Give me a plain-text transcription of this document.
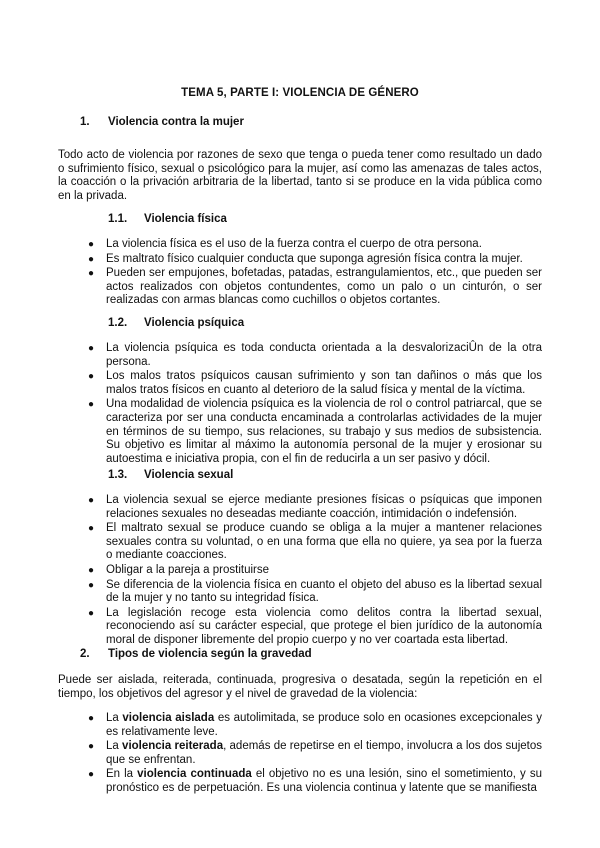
TEMA 5, PARTE I: VIOLENCIA DE GÉNERO
1. Violencia contra la mujer
Todo acto de violencia por razones de sexo que tenga o pueda tener como resultado un dado o sufrimiento físico, sexual o psicológico para la mujer, así como las amenazas de tales actos, la coacción o la privación arbitraria de la libertad, tanto si se produce en la vida pública como en la privada.
1.1. Violencia física
● La violencia física es el uso de la fuerza contra el cuerpo de otra persona.
● Es maltrato físico cualquier conducta que suponga agresión física contra la mujer.
● Pueden ser empujones, bofetadas, patadas, estrangulamientos, etc., que pueden ser actos realizados con objetos contundentes, como un palo o un cinturón, o ser realizadas con armas blancas como cuchillos o objetos cortantes.
1.2. Violencia psíquica
● La violencia psíquica es toda conducta orientada a la desvalorizaciÛn de la otra persona.
● Los malos tratos psíquicos causan sufrimiento y son tan dañinos o más que los malos tratos físicos en cuanto al deterioro de la salud física y mental de la víctima.
● Una modalidad de violencia psíquica es la violencia de rol o control patriarcal, que se caracteriza por ser una conducta encaminada a controlarlas actividades de la mujer en términos de su tiempo, sus relaciones, su trabajo y sus medios de subsistencia. Su objetivo es limitar al máximo la autonomía personal de la mujer y erosionar su autoestima e iniciativa propia, con el fin de reducirla a un ser pasivo y dócil.
1.3. Violencia sexual
● La violencia sexual se ejerce mediante presiones físicas o psíquicas que imponen relaciones sexuales no deseadas mediante coacción, intimidación o indefensión.
● El maltrato sexual se produce cuando se obliga a la mujer a mantener relaciones sexuales contra su voluntad, o en una forma que ella no quiere, ya sea por la fuerza o mediante coacciones.
● Obligar a la pareja a prostituirse
● Se diferencia de la violencia física en cuanto el objeto del abuso es la libertad sexual de la mujer y no tanto su integridad física.
● La legislación recoge esta violencia como delitos contra la libertad sexual, reconociendo así su carácter especial, que protege el bien jurídico de la autonomía moral de disponer libremente del propio cuerpo y no ver coartada esta libertad.
2. Tipos de violencia según la gravedad
Puede ser aislada, reiterada, continuada, progresiva o desatada, según la repetición en el tiempo, los objetivos del agresor y el nivel de gravedad de la violencia:
● La violencia aislada es autolimitada, se produce solo en ocasiones excepcionales y es relativamente leve.
● La violencia reiterada, además de repetirse en el tiempo, involucra a los dos sujetos que se enfrentan.
● En la violencia continuada el objetivo no es una lesión, sino el sometimiento, y su pronóstico es de perpetuación. Es una violencia continua y latente que se manifiesta
